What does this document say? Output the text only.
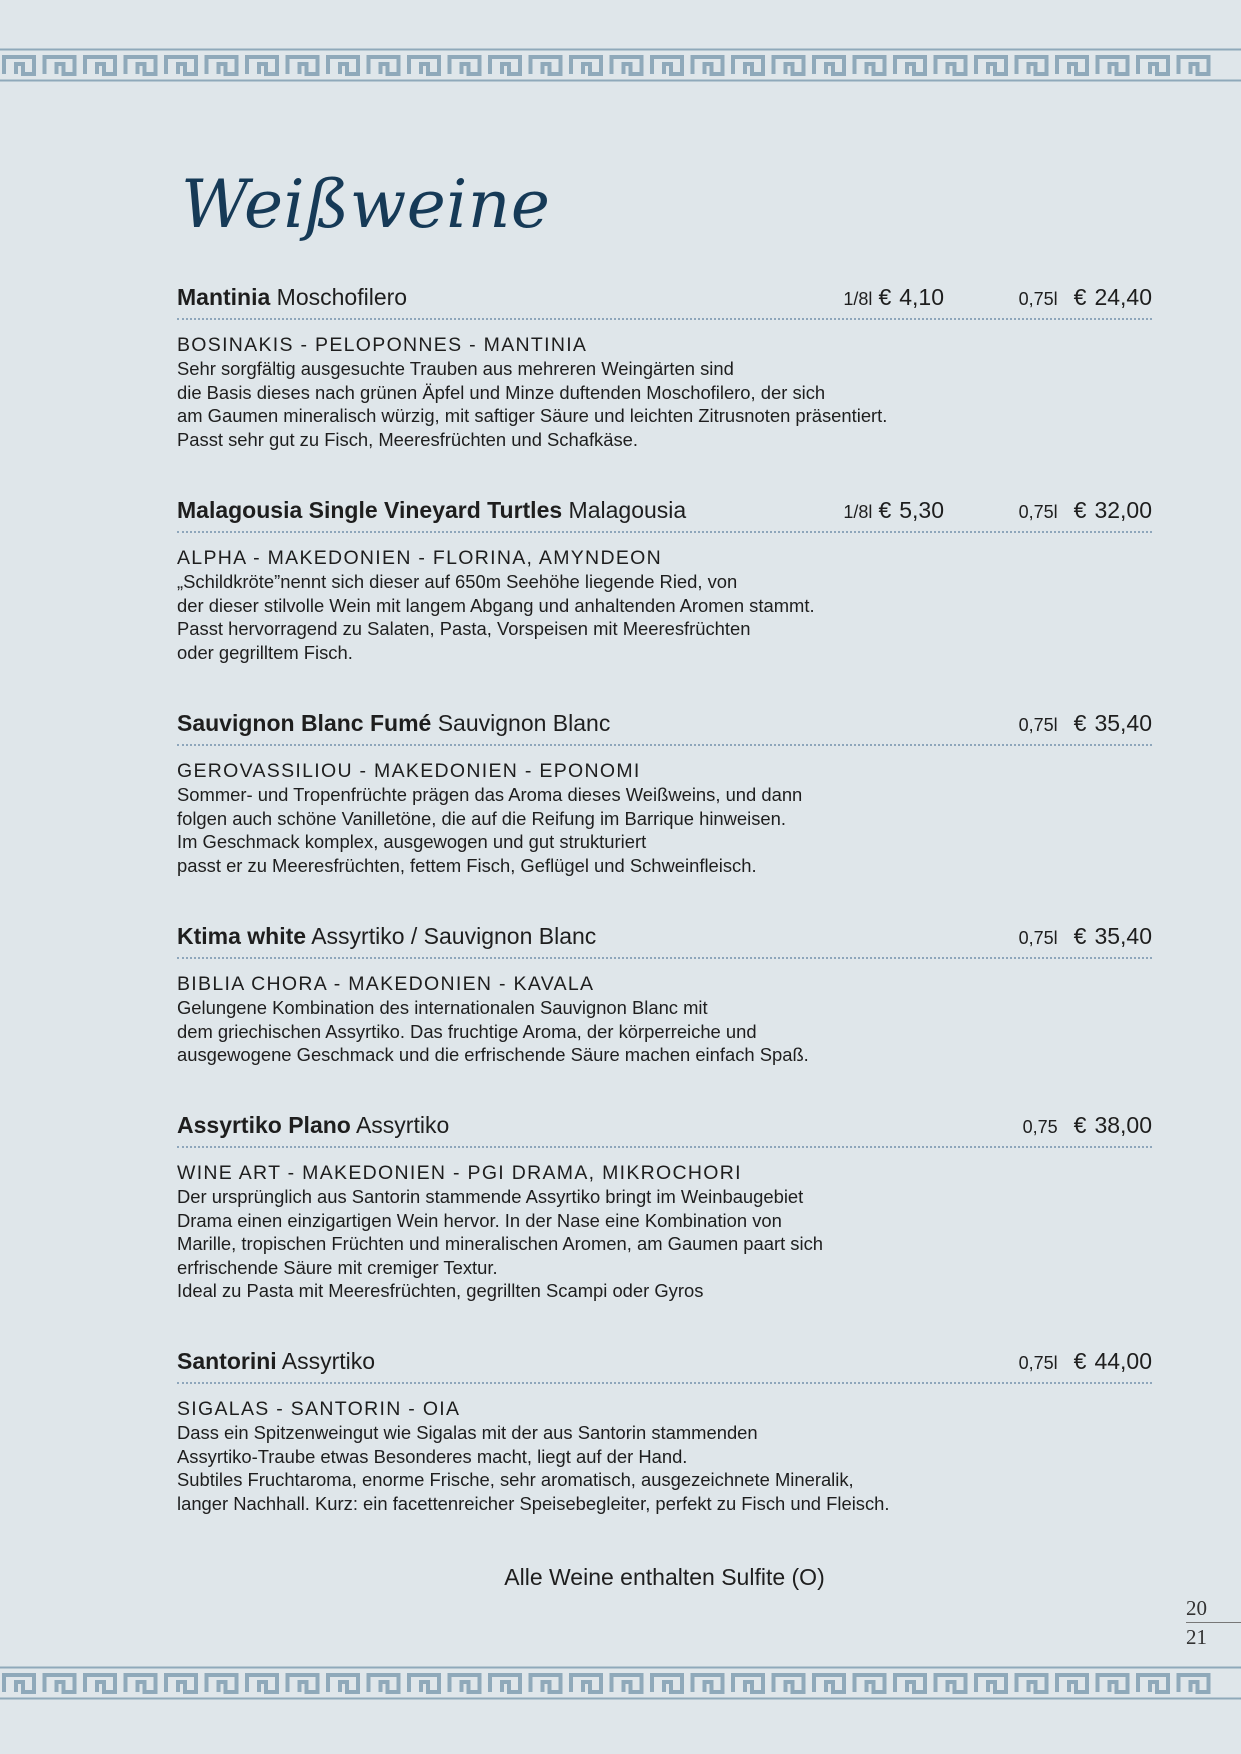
Weißweine
Mantinia Moschofilero	1/8l € 4,10	0,75l € 24,40
BOSINAKIS - PELOPONNES - MANTINIA
Sehr sorgfältig ausgesuchte Trauben aus mehreren Weingärten sind
die Basis dieses nach grünen Äpfel und Minze duftenden Moschofilero, der sich
am Gaumen mineralisch würzig, mit saftiger Säure und leichten Zitrusnoten präsentiert.
Passt sehr gut zu Fisch, Meeresfrüchten und Schafkäse.
Malagousia Single Vineyard Turtles Malagousia	1/8l € 5,30	0,75l € 32,00
ALPHA - MAKEDONIEN - FLORINA, AMYNDEON
„Schildkröte”nennt sich dieser auf 650m Seehöhe liegende Ried, von
der dieser stilvolle Wein mit langem Abgang und anhaltenden Aromen stammt.
Passt hervorragend zu Salaten, Pasta, Vorspeisen mit Meeresfrüchten
oder gegrilltem Fisch.
Sauvignon Blanc Fumé Sauvignon Blanc	0,75l € 35,40
GEROVASSILIOU - MAKEDONIEN - EPONOMI
Sommer- und Tropenfrüchte prägen das Aroma dieses Weißweins, und dann
folgen auch schöne Vanilletöne, die auf die Reifung im Barrique hinweisen.
Im Geschmack komplex, ausgewogen und gut strukturiert
passt er zu Meeresfrüchten, fettem Fisch, Geflügel und Schweinfleisch.
Ktima white Assyrtiko / Sauvignon Blanc	0,75l € 35,40
BIBLIA CHORA - MAKEDONIEN - KAVALA
Gelungene Kombination des internationalen Sauvignon Blanc mit
dem griechischen Assyrtiko. Das fruchtige Aroma, der körperreiche und
ausgewogene Geschmack und die erfrischende Säure machen einfach Spaß.
Assyrtiko Plano Assyrtiko	0,75 € 38,00
WINE ART - MAKEDONIEN - PGI DRAMA, MIKROCHORI
Der ursprünglich aus Santorin stammende Assyrtiko bringt im Weinbaugebiet
Drama einen einzigartigen Wein hervor. In der Nase eine Kombination von
Marille, tropischen Früchten und mineralischen Aromen, am Gaumen paart sich
erfrischende Säure mit cremiger Textur.
Ideal zu Pasta mit Meeresfrüchten, gegrillten Scampi oder Gyros
Santorini Assyrtiko	0,75l € 44,00
SIGALAS - SANTORIN - OIA
Dass ein Spitzenweingut wie Sigalas mit der aus Santorin stammenden
Assyrtiko-Traube etwas Besonderes macht, liegt auf der Hand.
Subtiles Fruchtaroma, enorme Frische, sehr aromatisch, ausgezeichnete Mineralik,
langer Nachhall. Kurz: ein facettenreicher Speisebegleiter, perfekt zu Fisch und Fleisch.
Alle Weine enthalten Sulfite (O)
20
21
